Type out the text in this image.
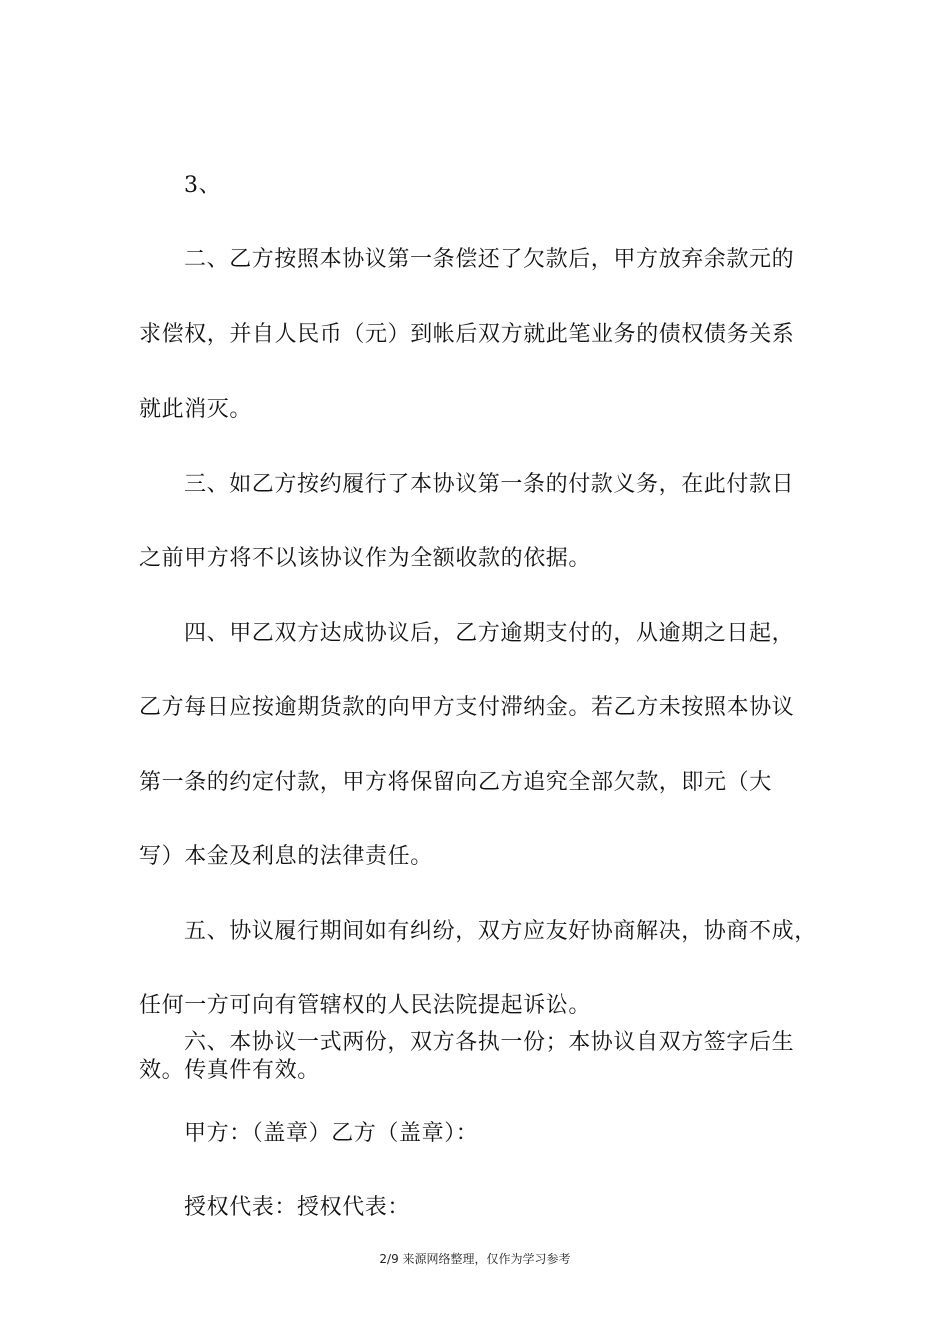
3、
二、乙方按照本协议第一条偿还了欠款后，甲方放弃余款元的
求偿权，并自人民币（元）到帐后双方就此笔业务的债权债务关系
就此消灭。
三、如乙方按约履行了本协议第一条的付款义务，在此付款日
之前甲方将不以该协议作为全额收款的依据。
四、甲乙双方达成协议后，乙方逾期支付的，从逾期之日起，
乙方每日应按逾期货款的向甲方支付滞纳金。若乙方未按照本协议
第一条的约定付款，甲方将保留向乙方追究全部欠款，即元（大
写）本金及利息的法律责任。
五、协议履行期间如有纠纷，双方应友好协商解决，协商不成，
任何一方可向有管辖权的人民法院提起诉讼。
六、本协议一式两份，双方各执一份；本协议自双方签字后生
效。传真件有效。
甲方：（盖章）乙方（盖章）：
授权代表：授权代表：
2/9 来源网络整理，仅作为学习参考
